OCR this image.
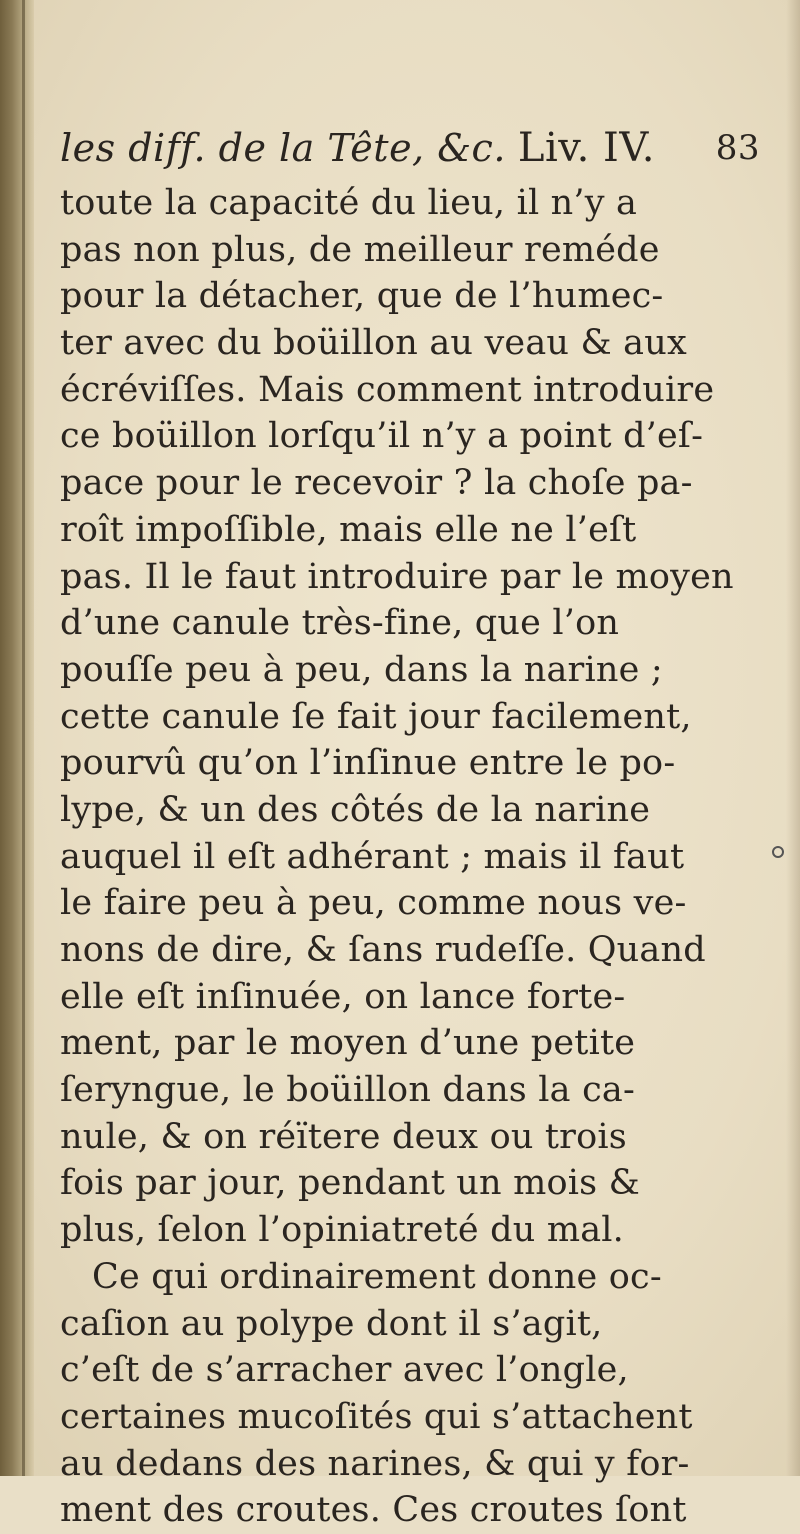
les diff. de la Tête, &c. Liv. IV. 83
toute la capacité du lieu, il n’y a
pas non plus, de meilleur reméde
pour la détacher, que de l’humec-
ter avec du boüillon au veau & aux
écréviſſes. Mais comment introduire
ce boüillon lorſqu’il n’y a point d’eſ-
pace pour le recevoir ? la choſe pa-
roît impoſſible, mais elle ne l’eſt
pas. Il le faut introduire par le moyen
d’une canule très-fine, que l’on
pouſſe peu à peu, dans la narine ;
cette canule ſe fait jour facilement,
pourvû qu’on l’inſinue entre le po-
lype, & un des côtés de la narine
auquel il eſt adhérant ; mais il faut
le faire peu à peu, comme nous ve-
nons de dire, & ſans rudeſſe. Quand
elle eſt inſinuée, on lance forte-
ment, par le moyen d’une petite
ſeryngue, le boüillon dans la ca-
nule, & on réïtere deux ou trois
fois par jour, pendant un mois &
plus, ſelon l’opiniatreté du mal.
Ce qui ordinairement donne oc-
caſion au polype dont il s’agit,
c’eſt de s’arracher avec l’ongle,
certaines mucoſités qui s’attachent
au dedans des narines, & qui y for-
ment des croutes. Ces croutes ſont
